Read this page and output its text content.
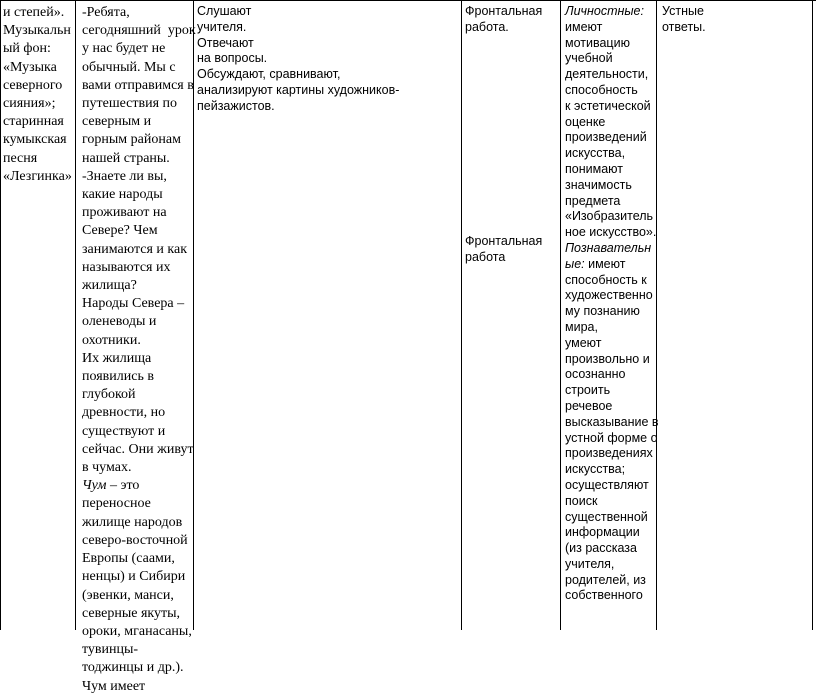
и степей».
Музыкальн
ый фон:
«Музыка
северного
сияния»;
старинная
кумыкская
песня
«Лезгинка»
-Ребята,
сегодняшний  урок
у нас будет не
обычный. Мы с
вами отправимся в
путешествия по
северным и
горным районам
нашей страны.
-Знаете ли вы,
какие народы
проживают на
Севере? Чем
занимаются и как
называются их
жилища?
Народы Севера –
оленеводы и
охотники.
Их жилища
появились в
глубокой
древности, но
существуют и
сейчас. Они живут
в чумах.
Чум – это
переносное
жилище народов
северо-восточной
Европы (саами,
ненцы) и Сибири
(эвенки, манси,
северные якуты,
ороки, мганасаны,
тувинцы-
тоджинцы и др.).
Чум имеет
Слушают
учителя.
Отвечают
на вопросы.
Обсуждают, сравнивают,
анализируют картины художников-
пейзажистов.
Фронтальная
работа.
Фронтальная
работа
Личностные:
имеют
мотивацию
учебной
деятельности,
способность
к эстетической
оценке
произведений
искусства,
понимают
значимость
предмета
«Изобразитель
ное искусство».
Познавательн
ые: имеют
способность к
художественно
му познанию
мира,
умеют
произвольно и
осознанно
строить
речевое
высказывание в
устной форме о
произведениях
искусства;
осуществляют
поиск
существенной
информации
(из рассказа
учителя,
родителей, из
собственного
Устные
ответы.
